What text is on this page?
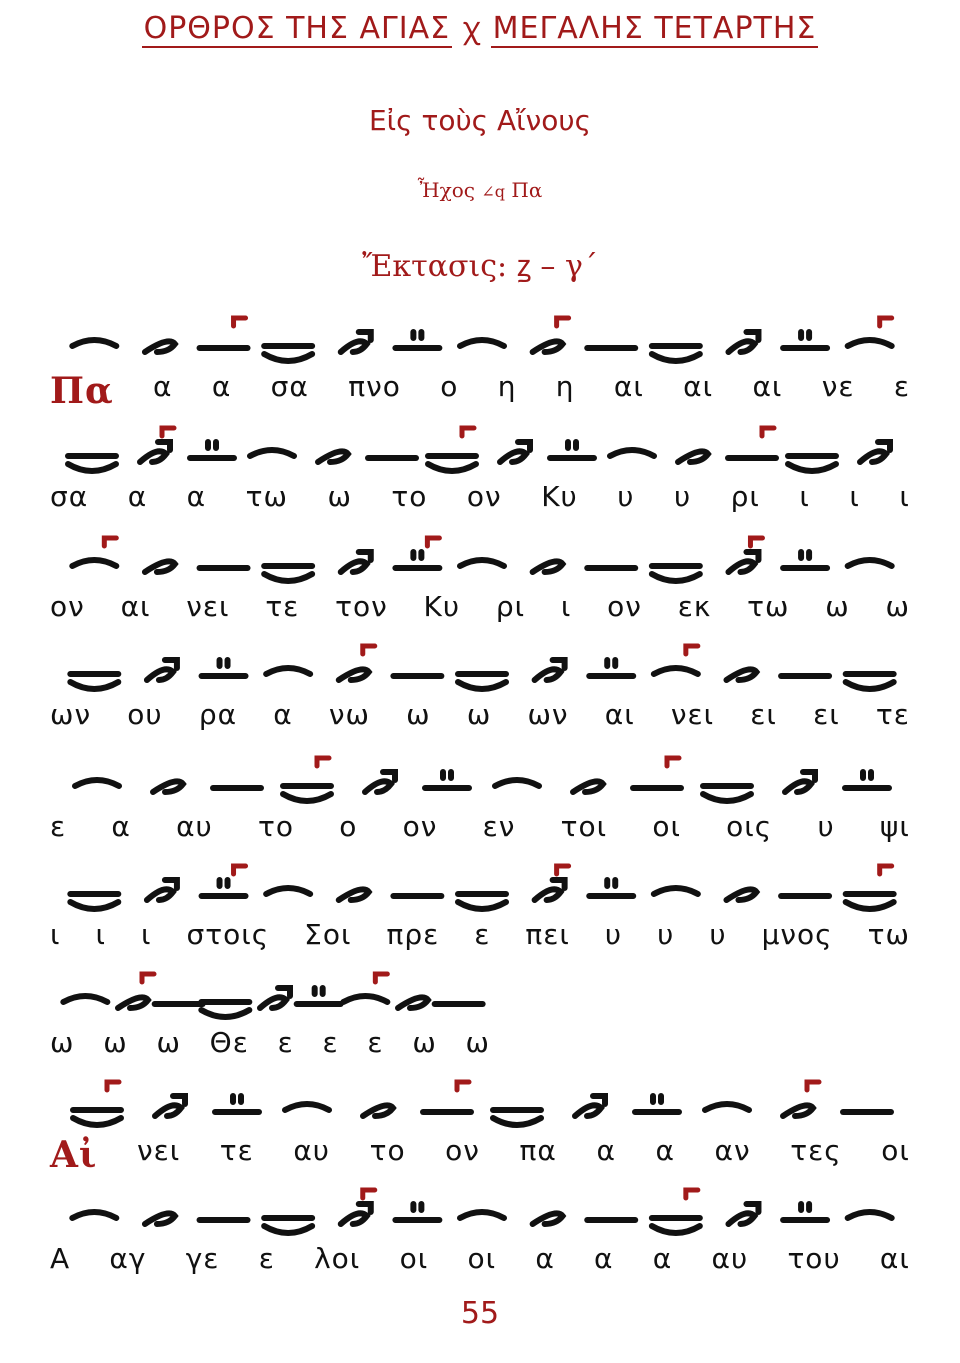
ΟΡΘΡΟΣ ΤΗΣ ΑΓΙΑΣ ꭓ ΜΕΓΑΛΗΣ ΤΕΤΑΡΤΗΣ
Εἰς τοὺς Αἴνους
Ἦχος ∠q Πα
Ἔκτασις: ꙁ – γ΄
Πα α α σα πνο ο η η αι αι αι νε ε
σα α α τω ω το ον Κυ υ υ ρι ι ι ι
ον αι νει τε τον Κυ ρι ι ον εκ τω ω ω
ων ου ρα α νω ω ω ων αι νει ει ει τε
ε α αυ το ο ον εν τοι οι οις υ ψι
ι ι ι στοις Σοι πρε ε πει υ υ υ μνος τω
ω ω ω Θε ε ε ε ω ω
Αἰ νει τε αυ το ον πα α α αν τες οι
Α αγ γε ε λοι οι οι α α α αυ του αι
55
